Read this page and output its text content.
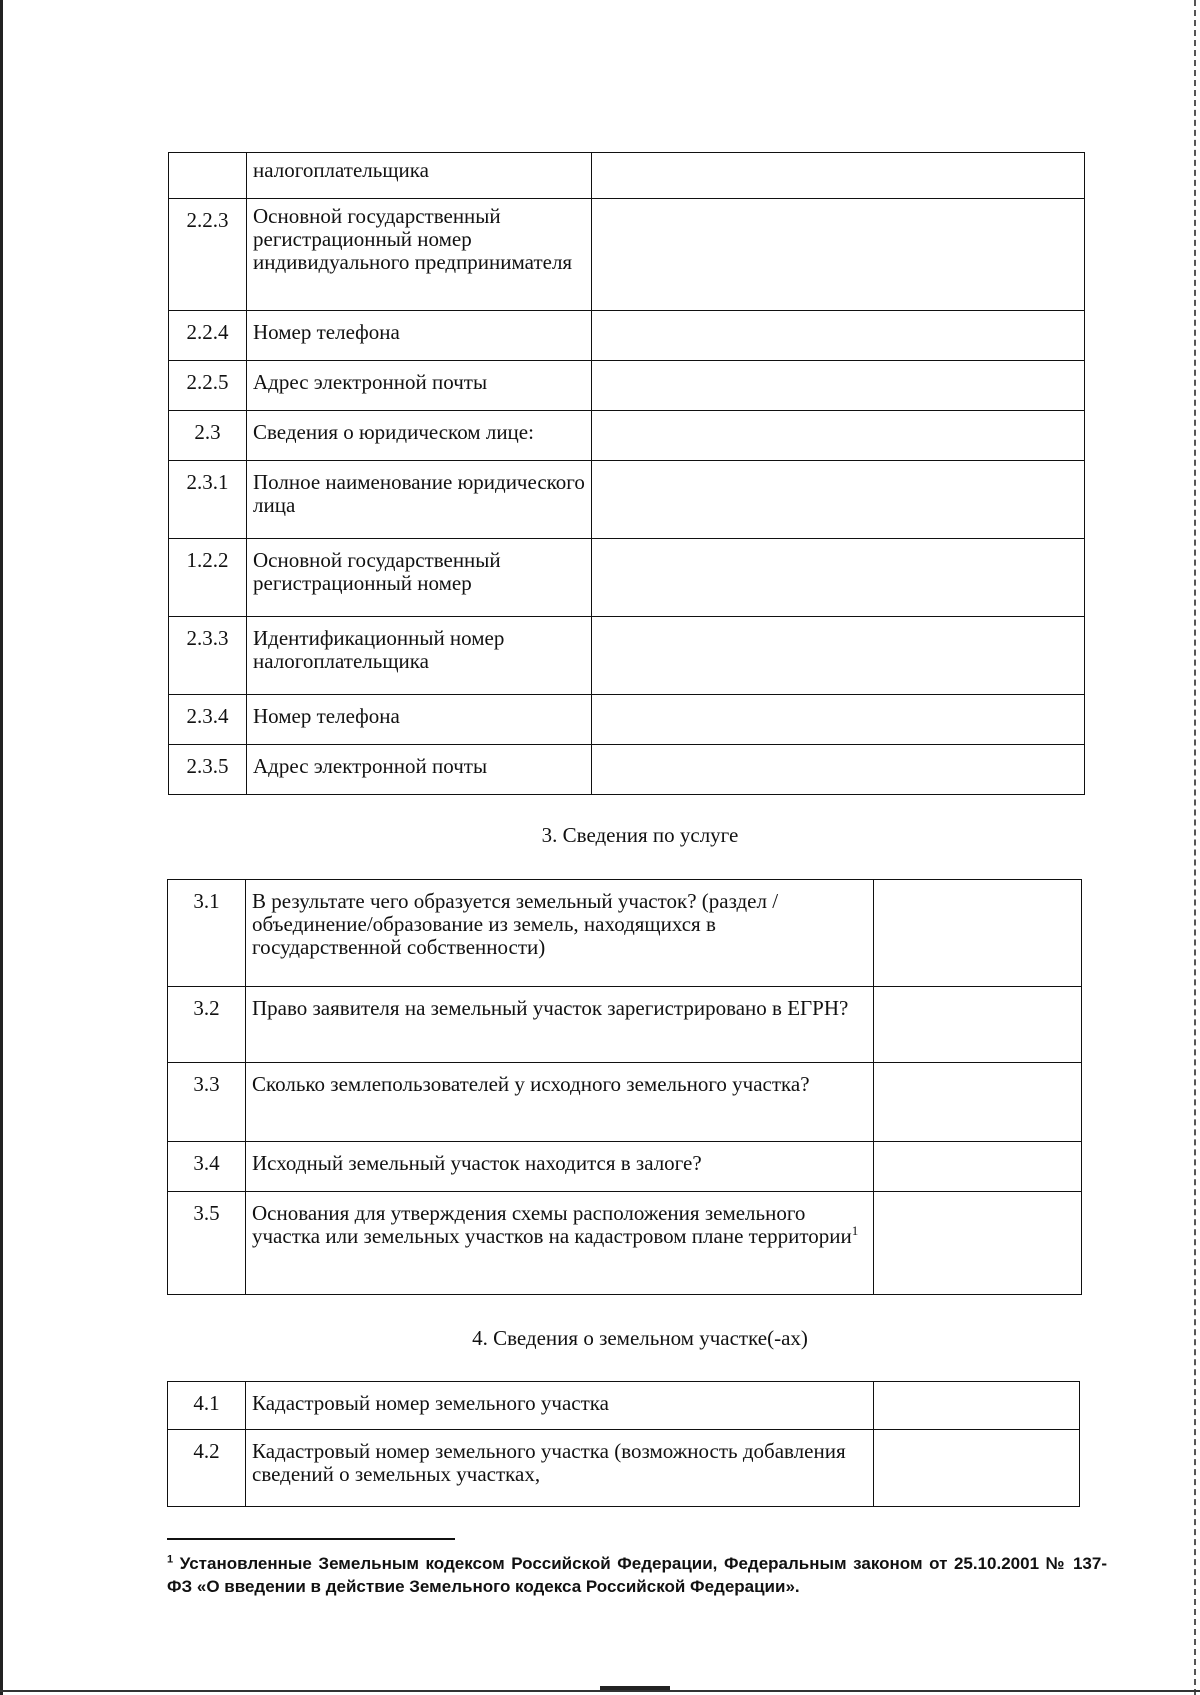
	налогоплательщика	
2.2.3	Основной государственный регистрационный номер индивидуального предпринимателя	
2.2.4	Номер телефона	
2.2.5	Адрес электронной почты	
2.3	Сведения о юридическом лице:	
2.3.1	Полное наименование юридического лица	
1.2.2	Основной государственный регистрационный номер	
2.3.3	Идентификационный номер налогоплательщика	
2.3.4	Номер телефона	
2.3.5	Адрес электронной почты	
3. Сведения по услуге
3.1	В результате чего образуется земельный участок? (раздел /объединение/образование из земель, находящихся в государственной собственности)	
3.2	Право заявителя на земельный участок зарегистрировано в ЕГРН?	
3.3	Сколько землепользователей у исходного земельного участка?	
3.4	Исходный земельный участок находится в залоге?	
3.5	Основания для утверждения схемы расположения земельного участка или земельных участков на кадастровом плане территории$^1$	
4. Сведения о земельном участке(-ах)
4.1	Кадастровый номер земельного участка	
4.2	Кадастровый номер земельного участка (возможность добавления сведений о земельных участках,	
$^1$ Установленные Земельным кодексом Российской Федерации, Федеральным законом от 25.10.2001 № 137-ФЗ «О введении в действие Земельного кодекса Российской Федерации».
